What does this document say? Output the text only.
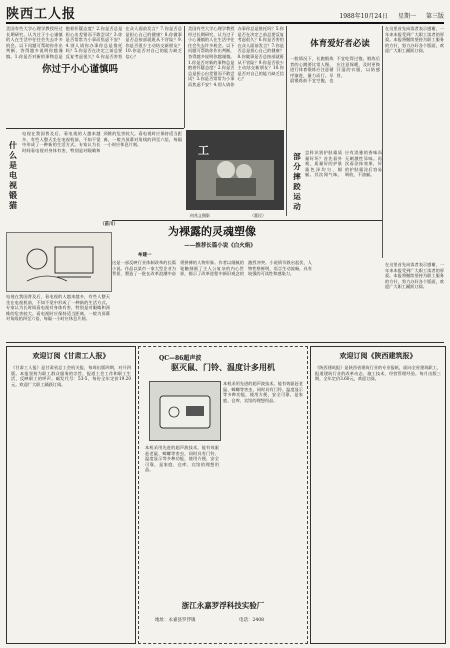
陕西工人报	1988年10月24日 星期一 第三版
你过于小心谨慎吗
美国有些大学心理学教授经过长期研究，认为过于小心谨慎的人在生活中往往会失去许多机会。以下问题可帮助你作出判断，答得越多说明你越谨慎。1.你是否对新的事物总是抱着怀疑态度？2.你是否总是担心出差错而不敢尝试？3.你是否常常为小事而焦虑不安？4.别人请你办事你总是推托吗？5.你是否在决定之前总要反复考虑很久？6.你是否害怕在众人面前发言？7.你是否总是担心自己的健康？8.你做事是否总按部就班从不冒险？9.你是否很少主动结交新朋友？10.你是否对自己的能力缺乏信心？
什么是电视锻猫
电视在我国普及后，看电视的人越来越多，有些人整天坐在电视机前，不知不觉中形成了一种新的生活方式。专家认为长时间看电视对身体有害，特别是对眼睛和颈椎的危害较大。看电视时应保持适当距离，一般为屏幕对角线的四至六倍，每隔一小时应休息片刻。
（苗川）
工
何兆义摄影	（董民）
美国有些大学心理学教授经过长期研究，认为过于小心谨慎的人在生活中往往会失去许多机会。以下问题可帮助你作出判断，答得越多说明你越谨慎。1.你是否对新的事物总是抱着怀疑态度？2.你是否总是担心出差错而不敢尝试？3.你是否常常为小事而焦虑不安？4.别人请你办事你总是推托吗？5.你是否在决定之前总要反复考虑很久？6.你是否害怕在众人面前发言？7.你是否总是担心自己的健康？8.你做事是否总按部就班从不冒险？9.你是否很少主动结交新朋友？10.你是否对自己的能力缺乏信心？
体育爱好者必读
一般情况下，长跑锻炼者的心跳要比常人慢。进行体育锻炼应注意循序渐进，量力而行。早晨锻炼前不宜空腹，也不宜吃得过饱。锻炼后应注意保暖，及时更换汗湿的衣服，以防感冒。
部分摔跤运动
怎样识别护肤霜质量好坏？首先看外观，质量好的护肤霜色泽均匀、细腻。其次闻气味，应有淡雅的香味而无刺激性异味。再次看涂抹效果，好的护肤霜涂后容易吸收，不油腻。
在这里首先向读者表示感谢，一年来本报受到广大职工读者的厚爱。本报将继续坚持为职工服务的方针，努力办好各个版面，欢迎广大职工踊跃订阅。
为裸露的灵魂塑像
——推荐长篇小说《白火焰》
牟建一
这是一部反映行业体制改革的长篇小说。作品以某市一家大型企业为背景，塑造了一批在改革浪潮中奋勇拼搏的人物形象。作者以细腻的笔触刻画了主人公复杂的内心世界，揭示了改革进程中新旧观念的激烈冲突。小说情节跌宕起伏，人物性格鲜明，语言生动流畅，具有较强的可读性和感染力。
电视在我国普及后，看电视的人越来越多，有些人整天坐在电视机前，不知不觉中形成了一种新的生活方式。专家认为长时间看电视对身体有害，特别是对眼睛和颈椎的危害较大。看电视时应保持适当距离，一般为屏幕对角线的四至六倍，每隔一小时应休息片刻。
在这里首先向读者表示感谢，一年来本报受到广大职工读者的厚爱。本报将继续坚持为职工服务的方针，努力办好各个版面，欢迎广大职工踊跃订阅。
欢迎订阅《甘肃工人报》
《甘肃工人报》是甘肃省总工会机关报，每周出版四期，对开四版。本报坚持为职工群众服务的宗旨，报道工会工作和职工生活，反映职工的呼声。邮发代号：53-5，每份全年定价19.20元。欢迎广大职工踊跃订阅。
QC—86超声波
驱灭鼠、门铃、温度计多用机
本机采用先进的超声波技术，能有效驱赶老鼠、蟑螂等害虫，同时具有门铃、温度显示等多种功能，使用方便，安全可靠，是家庭、仓库、宾馆的理想用品。
本机采用先进的超声波技术，能有效驱赶老鼠、蟑螂等害虫，同时具有门铃、温度显示等多种功能，使用方便，安全可靠，是家庭、仓库、宾馆的理想用品。
浙江永嘉罗浮科技实验厂
地址：永嘉县罗浮镇	电话：2408
欢迎订阅《陕西建筑报》
《陕西建筑报》是陕西省建筑行业的专业报纸，面向全省建筑职工，报道建筑行业的改革动态、施工技术、经营管理经验。每月出版三期，全年定价3.60元，欢迎订阅。
